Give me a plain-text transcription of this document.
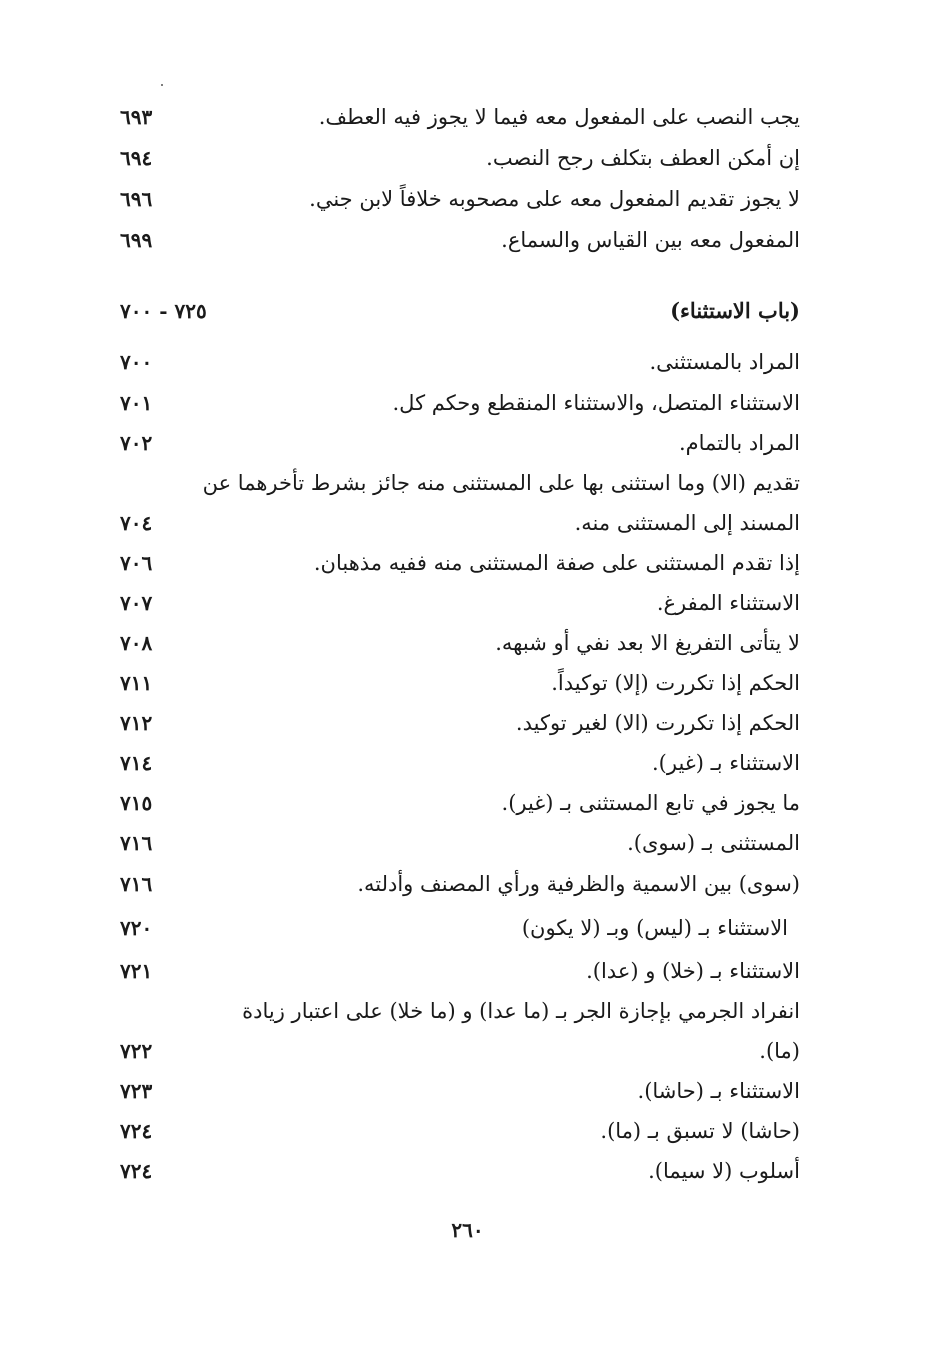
يجب النصب على المفعول معه فيما لا يجوز فيه العطف.
٦٩٣
إن أمكن العطف بتكلف رجح النصب.
٦٩٤
لا يجوز تقديم المفعول معه على مصحوبه خلافاً لابن جني.
٦٩٦
المفعول معه بين القياس والسماع.
٦٩٩
(باب الاستثناء)
٧٢٥ - ٧٠٠
المراد بالمستثنى.
٧٠٠
الاستثناء المتصل، والاستثناء المنقطع وحكم كل.
٧٠١
المراد بالتمام.
٧٠٢
تقديم (الا) وما استثنى بها على المستثنى منه جائز بشرط تأخرهما عن
المسند إلى المستثنى منه.
٧٠٤
إذا تقدم المستثنى على صفة المستثنى منه ففيه مذهبان.
٧٠٦
الاستثناء المفرغ.
٧٠٧
لا يتأتى التفريغ الا بعد نفي أو شبهه.
٧٠٨
الحكم إذا تكررت (إلا) توكيداً.
٧١١
الحكم إذا تكررت (الا) لغير توكيد.
٧١٢
الاستثناء بـ (غير).
٧١٤
ما يجوز في تابع المستثنى بـ (غير).
٧١٥
المستثنى بـ (سوى).
٧١٦
(سوى) بين الاسمية والظرفية ورأي المصنف وأدلته.
٧١٦
الاستثناء بـ (ليس) وبـ (لا يكون)
٧٢٠
الاستثناء بـ (خلا) و (عدا).
٧٢١
انفراد الجرمي بإجازة الجر بـ (ما عدا) و (ما خلا) على اعتبار زيادة
(ما).
٧٢٢
الاستثناء بـ (حاشا).
٧٢٣
(حاشا) لا تسبق بـ (ما).
٧٢٤
أسلوب (لا سيما).
٧٢٤
٢٦٠
